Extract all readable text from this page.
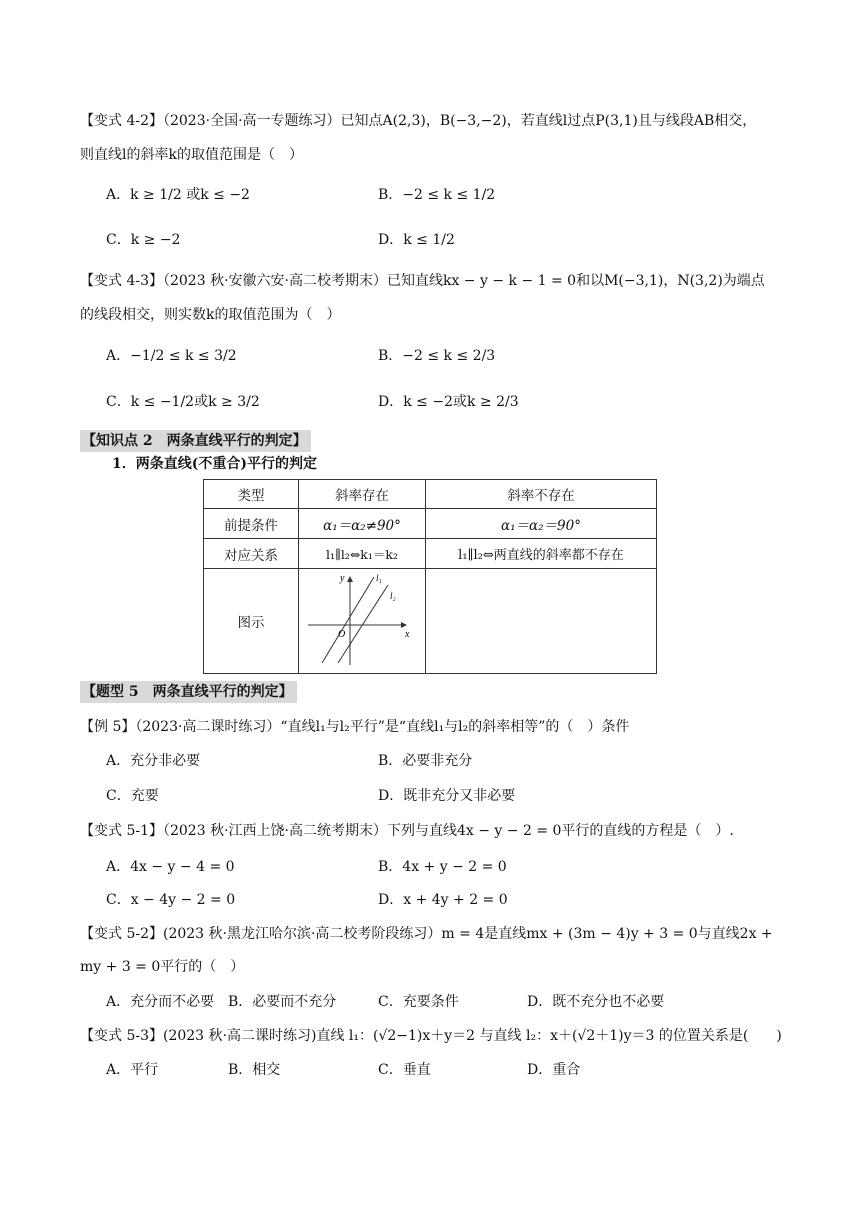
【变式 4-2】（2023·全国·高一专题练习）已知点A(2,3)，B(−3,−2)，若直线l过点P(3,1)且与线段AB相交，
则直线l的斜率k的取值范围是（　）
A．k ≥ 1/2 或k ≤ −2	B．−2 ≤ k ≤ 1/2
C．k ≥ −2	D．k ≤ 1/2
【变式 4-3】（2023 秋·安徽六安·高二校考期末）已知直线kx − y − k − 1 = 0和以M(−3,1)，N(3,2)为端点
的线段相交，则实数k的取值范围为（　）
A．−1/2 ≤ k ≤ 3/2	B．−2 ≤ k ≤ 2/3
C．k ≤ −1/2或k ≥ 3/2	D．k ≤ −2或k ≥ 2/3
【知识点 2　两条直线平行的判定】
1．两条直线(不重合)平行的判定
类型	斜率存在	斜率不存在
前提条件	α₁＝α₂≠90°	α₁＝α₂＝90°
对应关系	l₁∥l₂⇔k₁＝k₂	l₁∥l₂⇔两直线的斜率都不存在
图示	y
x
O
l₁
l₂	

【题型 5　两条直线平行的判定】
【例 5】（2023·高二课时练习）“直线l₁与l₂平行”是“直线l₁与l₂的斜率相等”的（　）条件
A．充分非必要	B．必要非充分
C．充要	D．既非充分又非必要
【变式 5-1】（2023 秋·江西上饶·高二统考期末）下列与直线4x − y − 2 = 0平行的直线的方程是（　）.
A．4x − y − 4 = 0	B．4x + y − 2 = 0
C．x − 4y − 2 = 0	D．x + 4y + 2 = 0
【变式 5-2】(2023 秋·黑龙江哈尔滨·高二校考阶段练习）m = 4是直线mx + (3m − 4)y + 3 = 0与直线2x +
my + 3 = 0平行的（　）
A．充分而不必要 B．必要而不充分	C．充要条件	D．既不充分也不必要
【变式 5-3】(2023 秋·高二课时练习)直线 l₁：(√2−1)x＋y＝2 与直线 l₂：x＋(√2＋1)y＝3 的位置关系是(　　)
A．平行	B．相交	C．垂直	D．重合
